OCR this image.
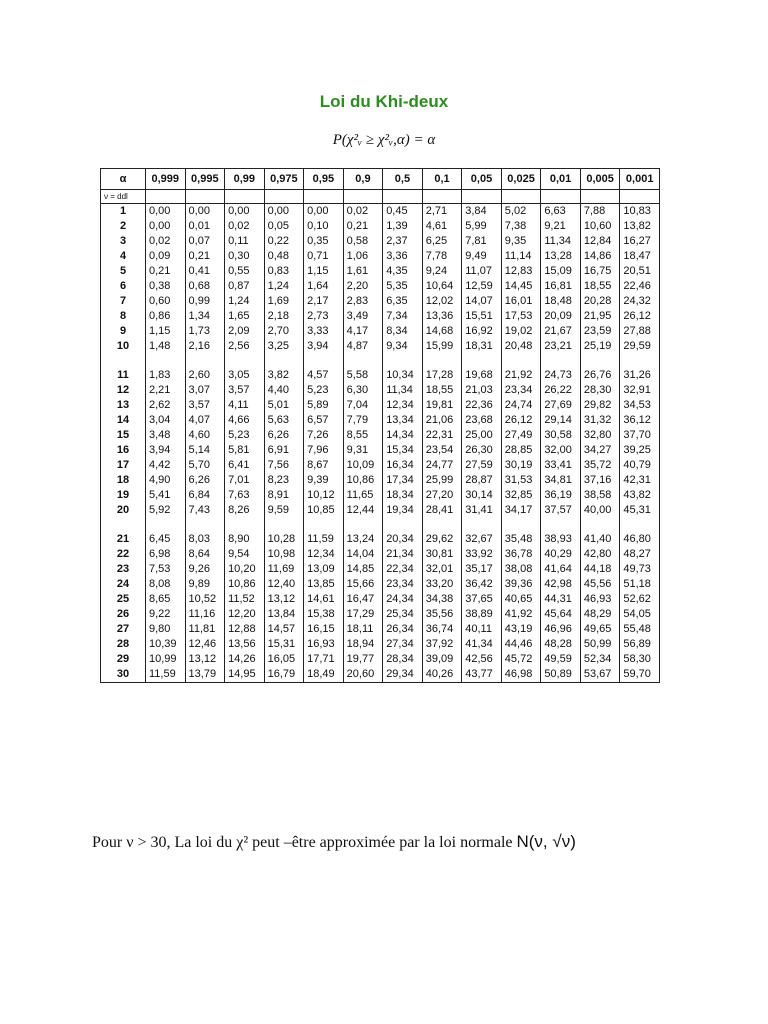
Loi du Khi-deux
P(χ²ᵥ ≥ χ²ᵥ,α) = α
α	0,999	0,995	0,99	0,975	0,95	0,9	0,5	0,1	0,05	0,025	0,01	0,005	0,001
ν = ddl													
1	0,00	0,00	0,00	0,00	0,00	0,02	0,45	2,71	3,84	5,02	6,63	7,88	10,83
2	0,00	0,01	0,02	0,05	0,10	0,21	1,39	4,61	5,99	7,38	9,21	10,60	13,82
3	0,02	0,07	0,11	0,22	0,35	0,58	2,37	6,25	7,81	9,35	11,34	12,84	16,27
4	0,09	0,21	0,30	0,48	0,71	1,06	3,36	7,78	9,49	11,14	13,28	14,86	18,47
5	0,21	0,41	0,55	0,83	1,15	1,61	4,35	9,24	11,07	12,83	15,09	16,75	20,51
6	0,38	0,68	0,87	1,24	1,64	2,20	5,35	10,64	12,59	14,45	16,81	18,55	22,46
7	0,60	0,99	1,24	1,69	2,17	2,83	6,35	12,02	14,07	16,01	18,48	20,28	24,32
8	0,86	1,34	1,65	2,18	2,73	3,49	7,34	13,36	15,51	17,53	20,09	21,95	26,12
9	1,15	1,73	2,09	2,70	3,33	4,17	8,34	14,68	16,92	19,02	21,67	23,59	27,88
10	1,48	2,16	2,56	3,25	3,94	4,87	9,34	15,99	18,31	20,48	23,21	25,19	29,59

11	1,83	2,60	3,05	3,82	4,57	5,58	10,34	17,28	19,68	21,92	24,73	26,76	31,26
12	2,21	3,07	3,57	4,40	5,23	6,30	11,34	18,55	21,03	23,34	26,22	28,30	32,91
13	2,62	3,57	4,11	5,01	5,89	7,04	12,34	19,81	22,36	24,74	27,69	29,82	34,53
14	3,04	4,07	4,66	5,63	6,57	7,79	13,34	21,06	23,68	26,12	29,14	31,32	36,12
15	3,48	4,60	5,23	6,26	7,26	8,55	14,34	22,31	25,00	27,49	30,58	32,80	37,70
16	3,94	5,14	5,81	6,91	7,96	9,31	15,34	23,54	26,30	28,85	32,00	34,27	39,25
17	4,42	5,70	6,41	7,56	8,67	10,09	16,34	24,77	27,59	30,19	33,41	35,72	40,79
18	4,90	6,26	7,01	8,23	9,39	10,86	17,34	25,99	28,87	31,53	34,81	37,16	42,31
19	5,41	6,84	7,63	8,91	10,12	11,65	18,34	27,20	30,14	32,85	36,19	38,58	43,82
20	5,92	7,43	8,26	9,59	10,85	12,44	19,34	28,41	31,41	34,17	37,57	40,00	45,31

21	6,45	8,03	8,90	10,28	11,59	13,24	20,34	29,62	32,67	35,48	38,93	41,40	46,80
22	6,98	8,64	9,54	10,98	12,34	14,04	21,34	30,81	33,92	36,78	40,29	42,80	48,27
23	7,53	9,26	10,20	11,69	13,09	14,85	22,34	32,01	35,17	38,08	41,64	44,18	49,73
24	8,08	9,89	10,86	12,40	13,85	15,66	23,34	33,20	36,42	39,36	42,98	45,56	51,18
25	8,65	10,52	11,52	13,12	14,61	16,47	24,34	34,38	37,65	40,65	44,31	46,93	52,62
26	9,22	11,16	12,20	13,84	15,38	17,29	25,34	35,56	38,89	41,92	45,64	48,29	54,05
27	9,80	11,81	12,88	14,57	16,15	18,11	26,34	36,74	40,11	43,19	46,96	49,65	55,48
28	10,39	12,46	13,56	15,31	16,93	18,94	27,34	37,92	41,34	44,46	48,28	50,99	56,89
29	10,99	13,12	14,26	16,05	17,71	19,77	28,34	39,09	42,56	45,72	49,59	52,34	58,30
30	11,59	13,79	14,95	16,79	18,49	20,60	29,34	40,26	43,77	46,98	50,89	53,67	59,70
Pour ν > 30, La loi du χ² peut –être approximée par la loi normale N(ν, √ν)
